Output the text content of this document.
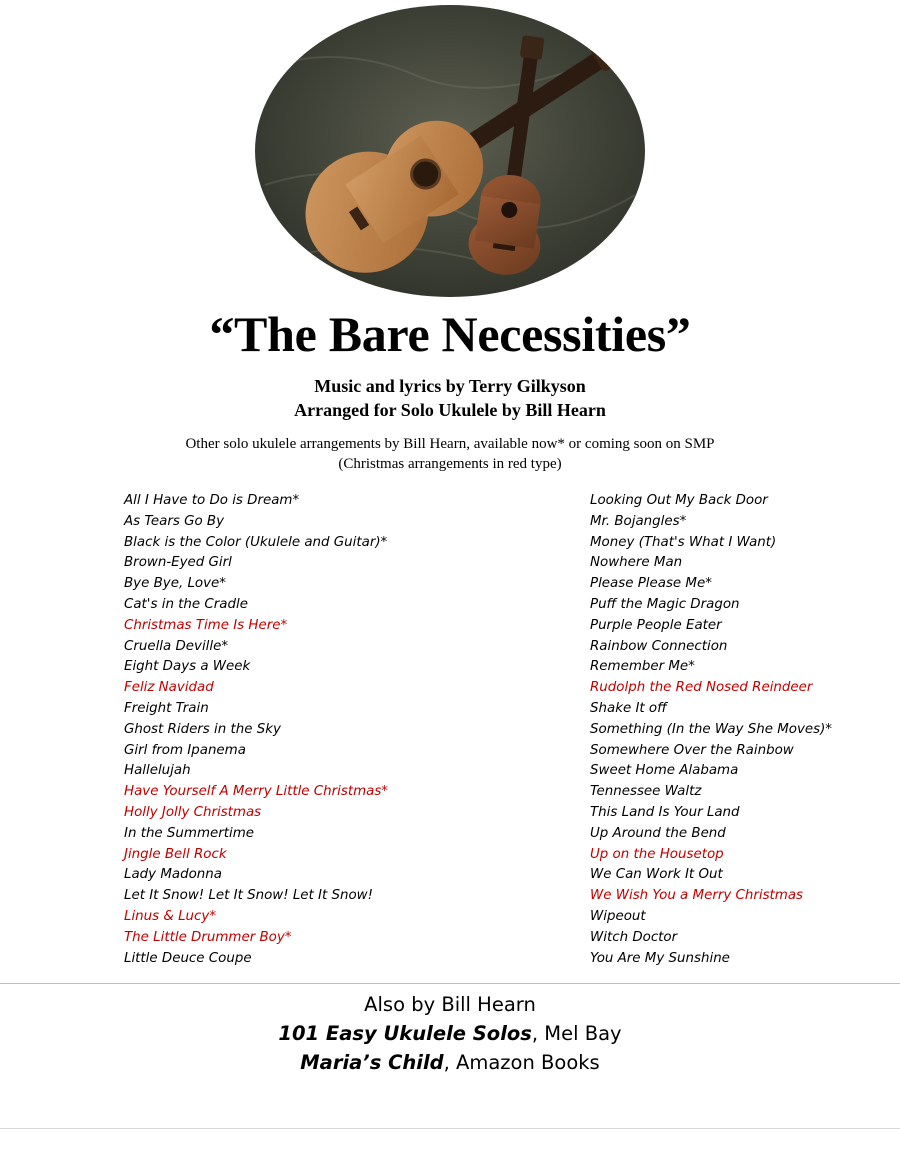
“The Bare Necessities”
Music and lyrics by Terry Gilkyson
Arranged for Solo Ukulele by Bill Hearn
Other solo ukulele arrangements by Bill Hearn, available now* or coming soon on SMP
(Christmas arrangements in red type)
All I Have to Do is Dream*
As Tears Go By
Black is the Color (Ukulele and Guitar)*
Brown-Eyed Girl
Bye Bye, Love*
Cat's in the Cradle
Christmas Time Is Here*
Cruella Deville*
Eight Days a Week
Feliz Navidad
Freight Train
Ghost Riders in the Sky
Girl from Ipanema
Hallelujah
Have Yourself A Merry Little Christmas*
Holly Jolly Christmas
In the Summertime
Jingle Bell Rock
Lady Madonna
Let It Snow! Let It Snow! Let It Snow!
Linus & Lucy*
The Little Drummer Boy*
Little Deuce Coupe
Looking Out My Back Door
Mr. Bojangles*
Money (That's What I Want)
Nowhere Man
Please Please Me*
Puff the Magic Dragon
Purple People Eater
Rainbow Connection
Remember Me*
Rudolph the Red Nosed Reindeer
Shake It off
Something (In the Way She Moves)*
Somewhere Over the Rainbow
Sweet Home Alabama
Tennessee Waltz
This Land Is Your Land
Up Around the Bend
Up on the Housetop
We Can Work It Out
We Wish You a Merry Christmas
Wipeout
Witch Doctor
You Are My Sunshine
Also by Bill Hearn
101 Easy Ukulele Solos, Mel Bay
Maria’s Child, Amazon Books
